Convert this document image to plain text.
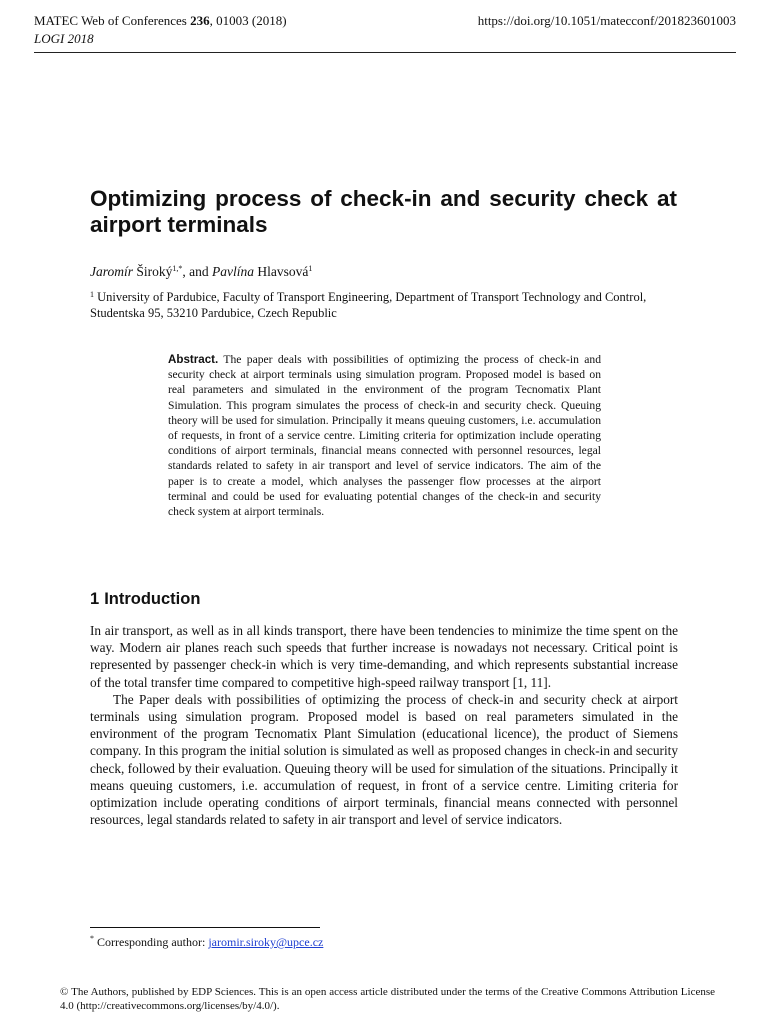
MATEC Web of Conferences 236, 01003 (2018)
LOGI 2018
https://doi.org/10.1051/matecconf/201823601003
Optimizing process of check-in and security check at airport terminals
Jaromír Široký$^{1,*}$, and Pavlína Hlavsová$^1$
$^1$ University of Pardubice, Faculty of Transport Engineering, Department of Transport Technology and Control, Studentska 95, 53210 Pardubice, Czech Republic
Abstract. The paper deals with possibilities of optimizing the process of check-in and security check at airport terminals using simulation program. Proposed model is based on real parameters and simulated in the environment of the program Tecnomatix Plant Simulation. This program simulates the process of check-in and security check. Queuing theory will be used for simulation. Principally it means queuing customers, i.e. accumulation of requests, in front of a service centre. Limiting criteria for optimization include operating conditions of airport terminals, financial means connected with personnel resources, legal standards related to safety in air transport and level of service indicators. The aim of the paper is to create a model, which analyses the passenger flow processes at the airport terminal and could be used for evaluating potential changes of the check-in and security check system at airport terminals.
1 Introduction

In air transport, as well as in all kinds transport, there have been tendencies to minimize the time spent on the way. Modern air planes reach such speeds that further increase is nowadays not necessary. Critical point is represented by passenger check-in which is very time-demanding, and which represents substantial increase of the total transfer time compared to competitive high-speed railway transport [1, 11].

The Paper deals with possibilities of optimizing the process of check-in and security check at airport terminals using simulation program. Proposed model is based on real parameters simulated in the environment of the program Tecnomatix Plant Simulation (educational licence), the product of Siemens company. In this program the initial solution is simulated as well as proposed changes in check-in and security check, followed by their evaluation. Queuing theory will be used for simulation of the situations. Principally it means queuing customers, i.e. accumulation of request, in front of a service centre. Limiting criteria for optimization include operating conditions of airport terminals, financial means connected with personnel resources, legal standards related to safety in air transport and level of service indicators.

* Corresponding author: jaromir.siroky@upce.cz
© The Authors, published by EDP Sciences. This is an open access article distributed under the terms of the Creative Commons Attribution License 4.0 (http://creativecommons.org/licenses/by/4.0/).
